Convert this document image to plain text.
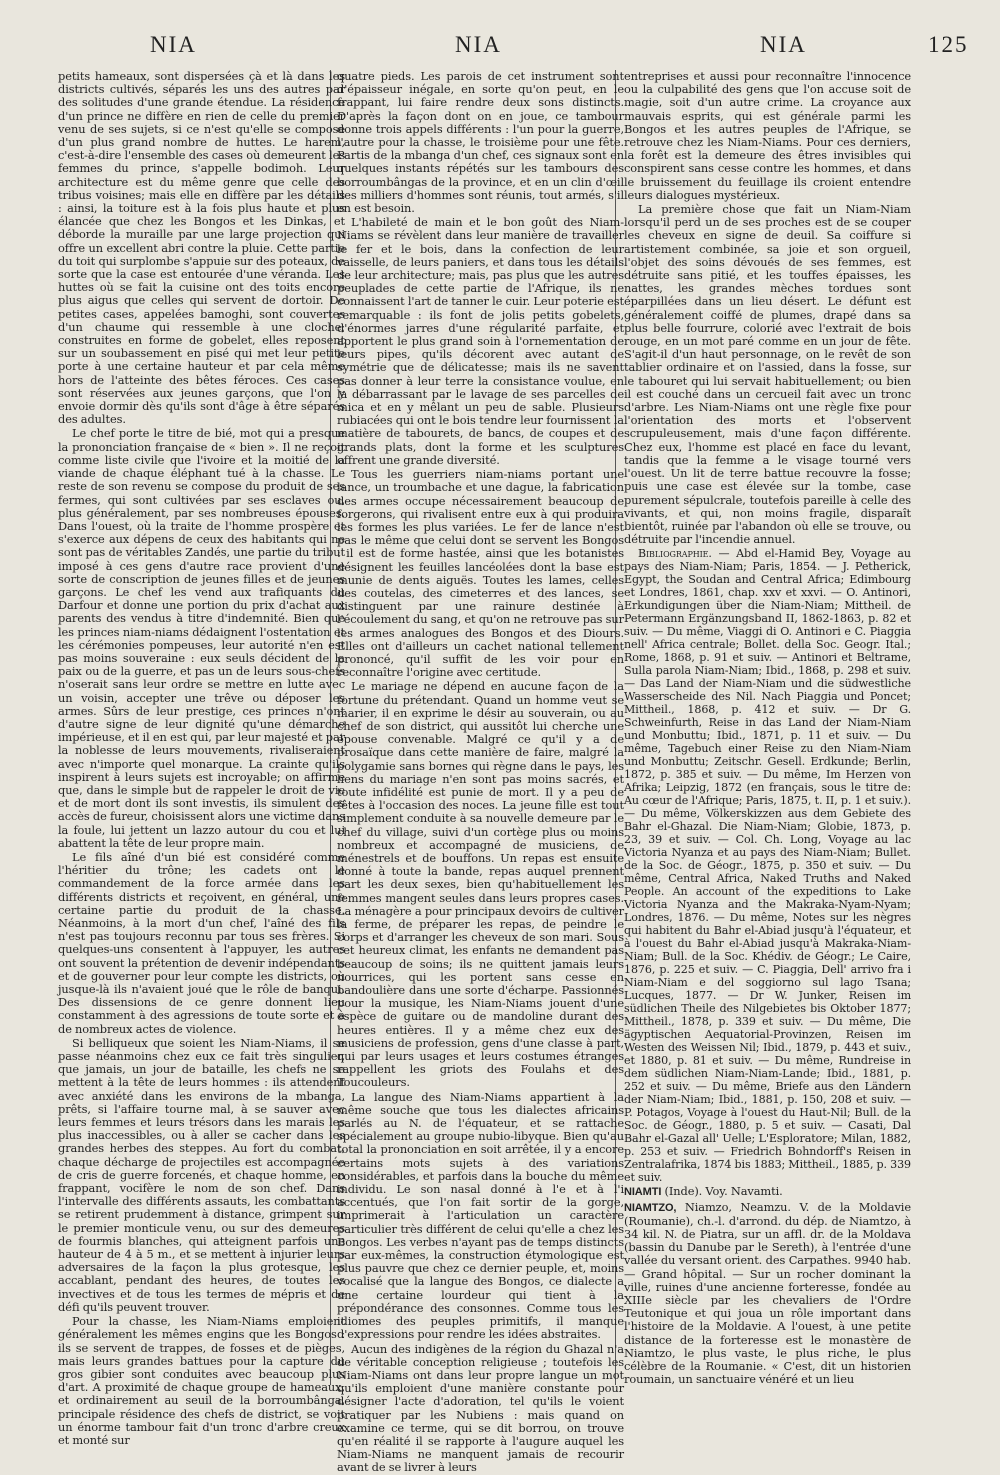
NIA	NIA	NIA	125

petits hameaux, sont dispersées çà et là dans les districts cultivés, séparés les uns des autres par des solitudes d'une grande étendue. La résidence d'un prince ne diffère en rien de celle du premier venu de ses sujets, si ce n'est qu'elle se compose d'un plus grand nombre de huttes. Le harem, c'est-à-dire l'ensemble des cases où demeurent les femmes du prince, s'appelle bodimoh. Leur architecture est du même genre que celle des tribus voisines; mais elle en diffère par les détails : ainsi, la toiture est à la fois plus haute et plus élancée que chez les Bongos et les Dinkas, et déborde la muraille par une large projection qui offre un excellent abri contre la pluie. Cette partie du toit qui surplombe s'appuie sur des poteaux, de sorte que la case est entourée d'une véranda. Les huttes où se fait la cuisine ont des toits encore plus aigus que celles qui servent de dortoir. De petites cases, appelées bamoghi, sont couvertes d'un chaume qui ressemble à une cloche; construites en forme de gobelet, elles reposent sur un soubassement en pisé qui met leur petite porte à une certaine hauteur et par cela même hors de l'atteinte des bêtes féroces. Ces cases sont réservées aux jeunes garçons, que l'on y envoie dormir dès qu'ils sont d'âge à être séparés des adultes.

Le chef porte le titre de bié, mot qui a presque la prononciation française de « bien ». Il ne reçoit comme liste civile que l'ivoire et la moitié de la viande de chaque éléphant tué à la chasse. Le reste de son revenu se compose du produit de ses fermes, qui sont cultivées par ses esclaves ou, plus généralement, par ses nombreuses épouses. Dans l'ouest, où la traite de l'homme prospère et s'exerce aux dépens de ceux des habitants qui ne sont pas de véritables Zandés, une partie du tribut imposé à ces gens d'autre race provient d'une sorte de conscription de jeunes filles et de jeunes garçons. Le chef les vend aux trafiquants du Darfour et donne une portion du prix d'achat aux parents des vendus à titre d'indemnité. Bien que les princes niam-niams dédaignent l'ostentation et les cérémonies pompeuses, leur autorité n'en est pas moins souveraine : eux seuls décident de la paix ou de la guerre, et pas un de leurs sous-chefs n'oserait sans leur ordre se mettre en lutte avec un voisin, accepter une trêve ou déposer les armes. Sûrs de leur prestige, ces princes n'ont d'autre signe de leur dignité qu'une démarche impérieuse, et il en est qui, par leur majesté et par la noblesse de leurs mouvements, rivaliseraient avec n'importe quel monarque. La crainte qu'ils inspirent à leurs sujets est incroyable; on affirme que, dans le simple but de rappeler le droit de vie et de mort dont ils sont investis, ils simulent des accès de fureur, choisissent alors une victime dans la foule, lui jettent un lazzo autour du cou et lui abattent la tête de leur propre main.

Le fils aîné d'un bié est considéré comme l'héritier du trône; les cadets ont le commandement de la force armée dans les différents districts et reçoivent, en général, une certaine partie du produit de la chasse. Néanmoins, à la mort d'un chef, l'aîné des fils n'est pas toujours reconnu par tous ses frères. Si quelques-uns consentent à l'appuyer, les autres ont souvent la prétention de devenir indépendants et de gouverner pour leur compte les districts, où jusque-là ils n'avaient joué que le rôle de banqui. Des dissensions de ce genre donnent lieu constamment à des agressions de toute sorte et à de nombreux actes de violence.

Si belliqueux que soient les Niam-Niams, il se passe néanmoins chez eux ce fait très singulier, que jamais, un jour de bataille, les chefs ne se mettent à la tête de leurs hommes : ils attendent avec anxiété dans les environs de la mbanga, prêts, si l'affaire tourne mal, à se sauver avec leurs femmes et leurs trésors dans les marais les plus inaccessibles, ou à aller se cacher dans les grandes herbes des steppes. Au fort du combat, chaque décharge de projectiles est accompagnée de cris de guerre forcenés, et chaque homme, en frappant, vocifère le nom de son chef. Dans l'intervalle des différents assauts, les combattants se retirent prudemment à distance, grimpent sur le premier monticule venu, ou sur des demeures de fourmis blanches, qui atteignent parfois une hauteur de 4 à 5 m., et se mettent à injurier leurs adversaires de la façon la plus grotesque, les accablant, pendant des heures, de toutes les invectives et de tous les termes de mépris et de défi qu'ils peuvent trouver.

Pour la chasse, les Niam-Niams emploient généralement les mêmes engins que les Bongos : ils se servent de trappes, de fosses et de pièges, mais leurs grandes battues pour la capture du gros gibier sont conduites avec beaucoup plus d'art. A proximité de chaque groupe de hameaux, et ordinairement au seuil de la borroumbânga, principale résidence des chefs de district, se voit un énorme tambour fait d'un tronc d'arbre creux et monté sur

quatre pieds. Les parois de cet instrument sont d'épaisseur inégale, en sorte qu'on peut, en le frappant, lui faire rendre deux sons distincts. D'après la façon dont on en joue, ce tambour donne trois appels différents : l'un pour la guerre, l'autre pour la chasse, le troisième pour une fête. Partis de la mbanga d'un chef, ces signaux sont en quelques instants répétés sur les tambours des borroumbângas de la province, et en un clin d'œil des milliers d'hommes sont réunis, tout armés, s'il en est besoin.

L'habileté de main et le bon goût des Niam-Niams se révèlent dans leur manière de travailler le fer et le bois, dans la confection de leur vaisselle, de leurs paniers, et dans tous les détails de leur architecture; mais, pas plus que les autres peuplades de cette partie de l'Afrique, ils ne connaissent l'art de tanner le cuir. Leur poterie est remarquable : ils font de jolis petits gobelets, d'énormes jarres d'une régularité parfaite, et apportent le plus grand soin à l'ornementation de leurs pipes, qu'ils décorent avec autant de symétrie que de délicatesse; mais ils ne savent pas donner à leur terre la consistance voulue, en la débarrassant par le lavage de ses parcelles de mica et en y mêlant un peu de sable. Plusieurs rubiacées qui ont le bois tendre leur fournissent la matière de tabourets, de bancs, de coupes et de grands plats, dont la forme et les sculptures offrent une grande diversité.

Tous les guerriers niam-niams portant une lance, un troumbache et une dague, la fabrication des armes occupe nécessairement beaucoup de forgerons, qui rivalisent entre eux à qui produira les formes les plus variées. Le fer de lance n'est pas le même que celui dont se servent les Bongos : il est de forme hastée, ainsi que les botanistes désignent les feuilles lancéolées dont la base est munie de dents aiguës. Toutes les lames, celles des coutelas, des cimeterres et des lances, se distinguent par une rainure destinée à l'écoulement du sang, et qu'on ne retrouve pas sur les armes analogues des Bongos et des Diours. Elles ont d'ailleurs un cachet national tellement prononcé, qu'il suffit de les voir pour en reconnaître l'origine avec certitude.

Le mariage ne dépend en aucune façon de la fortune du prétendant. Quand un homme veut se marier, il en exprime le désir au souverain, ou au chef de son district, qui aussitôt lui cherche une épouse convenable. Malgré ce qu'il y a de prosaïque dans cette manière de faire, malgré la polygamie sans bornes qui règne dans le pays, les liens du mariage n'en sont pas moins sacrés, et toute infidélité est punie de mort. Il y a peu de fêtes à l'occasion des noces. La jeune fille est tout simplement conduite à sa nouvelle demeure par le chef du village, suivi d'un cortège plus ou moins nombreux et accompagné de musiciens, de ménestrels et de bouffons. Un repas est ensuite donné à toute la bande, repas auquel prennent part les deux sexes, bien qu'habituellement les femmes mangent seules dans leurs propres cases. La ménagère a pour principaux devoirs de cultiver la ferme, de préparer les repas, de peindre le corps et d'arranger les cheveux de son mari. Sous cet heureux climat, les enfants ne demandent pas beaucoup de soins; ils ne quittent jamais leurs nourrices, qui les portent sans cesse en bandoulière dans une sorte d'écharpe. Passionnés pour la musique, les Niam-Niams jouent d'une espèce de guitare ou de mandoline durant des heures entières. Il y a même chez eux des musiciens de profession, gens d'une classe à part, qui par leurs usages et leurs costumes étranges rappellent les griots des Foulahs et des Toucouleurs.

La langue des Niam-Niams appartient à la même souche que tous les dialectes africains parlés au N. de l'équateur, et se rattache spécialement au groupe nubio-libyque. Bien qu'au total la prononciation en soit arrêtée, il y a encore certains mots sujets à des variations considérables, et parfois dans la bouche du même individu. Le son nasal donné à l'e et à l'i accentués, que l'on fait sortir de la gorge, imprimerait à l'articulation un caractère particulier très différent de celui qu'elle a chez les Bongos. Les verbes n'ayant pas de temps distincts par eux-mêmes, la construction étymologique est plus pauvre que chez ce dernier peuple, et, moins vocalisé que la langue des Bongos, ce dialecte a une certaine lourdeur qui tient à la prépondérance des consonnes. Comme tous les idiomes des peuples primitifs, il manque d'expressions pour rendre les idées abstraites.

Aucun des indigènes de la région du Ghazal n'a de véritable conception religieuse ; toutefois les Niam-Niams ont dans leur propre langue un mot qu'ils emploient d'une manière constante pour désigner l'acte d'adoration, tel qu'ils le voient pratiquer par les Nubiens : mais quand on examine ce terme, qui se dit borrou, on trouve qu'en réalité il se rapporte à l'augure auquel les Niam-Niams ne manquent jamais de recourir avant de se livrer à leurs

entreprises et aussi pour reconnaître l'innocence ou la culpabilité des gens que l'on accuse soit de magie, soit d'un autre crime. La croyance aux mauvais esprits, qui est générale parmi les Bongos et les autres peuples de l'Afrique, se retrouve chez les Niam-Niams. Pour ces derniers, la forêt est la demeure des êtres invisibles qui conspirent sans cesse contre les hommes, et dans le bruissement du feuillage ils croient entendre leurs dialogues mystérieux.

La première chose que fait un Niam-Niam lorsqu'il perd un de ses proches est de se couper les cheveux en signe de deuil. Sa coiffure si artistement combinée, sa joie et son orgueil, l'objet des soins dévoués de ses femmes, est détruite sans pitié, et les touffes épaisses, les nattes, les grandes mèches tordues sont éparpillées dans un lieu désert. Le défunt est généralement coiffé de plumes, drapé dans sa plus belle fourrure, colorié avec l'extrait de bois rouge, en un mot paré comme en un jour de fête. S'agit-il d'un haut personnage, on le revêt de son tablier ordinaire et on l'assied, dans la fosse, sur le tabouret qui lui servait habituellement; ou bien il est couché dans un cercueil fait avec un tronc d'arbre. Les Niam-Niams ont une règle fixe pour l'orientation des morts et l'observent scrupuleusement, mais d'une façon différente. Chez eux, l'homme est placé en face du levant, tandis que la femme a le visage tourné vers l'ouest. Un lit de terre battue recouvre la fosse; puis une case est élevée sur la tombe, case purement sépulcrale, toutefois pareille à celle des vivants, et qui, non moins fragile, disparaît bientôt, ruinée par l'abandon où elle se trouve, ou détruite par l'incendie annuel.

Bibliographie. — Abd el-Hamid Bey, Voyage au pays des Niam-Niam; Paris, 1854. — J. Petherick, Egypt, the Soudan and Central Africa; Edimbourg et Londres, 1861, chap. xxv et xxvi. — O. Antinori, Erkundigungen über die Niam-Niam; Mittheil. de Petermann Ergänzungsband II, 1862-1863, p. 82 et suiv. — Du même, Viaggi di O. Antinori e C. Piaggia nell' Africa centrale; Bollet. della Soc. Geogr. Ital.; Rome, 1868, p. 91 et suiv. — Antinori et Beltrame, Sulla parola Niam-Niam; Ibid., 1868, p. 298 et suiv. — Das Land der Niam-Niam und die südwestliche Wasserscheide des Nil. Nach Piaggia und Poncet; Mittheil., 1868, p. 412 et suiv. — Dr G. Schweinfurth, Reise in das Land der Niam-Niam und Monbuttu; Ibid., 1871, p. 11 et suiv. — Du même, Tagebuch einer Reise zu den Niam-Niam und Monbuttu; Zeitschr. Gesell. Erdkunde; Berlin, 1872, p. 385 et suiv. — Du même, Im Herzen von Afrika; Leipzig, 1872 (en français, sous le titre de: Au cœur de l'Afrique; Paris, 1875, t. II, p. 1 et suiv.). — Du même, Völkerskizzen aus dem Gebiete des Bahr el-Ghazal. Die Niam-Niam; Globie, 1873, p. 23, 39 et suiv. — Col. Ch. Long, Voyage au lac Victoria Nyanza et au pays des Niam-Niam; Bullet. de la Soc. de Géogr., 1875, p. 350 et suiv. — Du même, Central Africa, Naked Truths and Naked People. An account of the expeditions to Lake Victoria Nyanza and the Makraka-Nyam-Nyam; Londres, 1876. — Du même, Notes sur les nègres qui habitent du Bahr el-Abiad jusqu'à l'équateur, et à l'ouest du Bahr el-Abiad jusqu'à Makraka-Niam-Niam; Bull. de la Soc. Khédiv. de Géogr.; Le Caire, 1876, p. 225 et suiv. — C. Piaggia, Dell' arrivo fra i Niam-Niam e del soggiorno sul lago Tsana; Lucques, 1877. — Dr W. Junker, Reisen im südlichen Theile des Nilgebietes bis Oktober 1877; Mittheil., 1878, p. 339 et suiv. — Du même, Die ägyptischen Aequatorial-Provinzen, Reisen im Westen des Weissen Nil; Ibid., 1879, p. 443 et suiv., et 1880, p. 81 et suiv. — Du même, Rundreise in dem südlichen Niam-Niam-Lande; Ibid., 1881, p. 252 et suiv. — Du même, Briefe aus den Ländern der Niam-Niam; Ibid., 1881, p. 150, 208 et suiv. — P. Potagos, Voyage à l'ouest du Haut-Nil; Bull. de la Soc. de Géogr., 1880, p. 5 et suiv. — Casati, Dal Bahr el-Gazal all' Uelle; L'Esploratore; Milan, 1882, p. 253 et suiv. — Friedrich Bohndorff's Reisen in Zentralafrika, 1874 bis 1883; Mittheil., 1885, p. 339 et suiv.

NIAMTI (Inde). Voy. Navamti.

NIAMTZO, Niamzo, Neamzu. V. de la Moldavie (Roumanie), ch.-l. d'arrond. du dép. de Niamtzo, à 34 kil. N. de Piatra, sur un affl. dr. de la Moldava (bassin du Danube par le Sereth), à l'entrée d'une vallée du versant orient. des Carpathes. 9940 hab. — Grand hôpital. — Sur un rocher dominant la ville, ruines d'une ancienne forteresse, fondée au XIIIe siècle par les chevaliers de l'Ordre Teutonique et qui joua un rôle important dans l'histoire de la Moldavie. A l'ouest, à une petite distance de la forteresse est le monastère de Niamtzo, le plus vaste, le plus riche, le plus célèbre de la Roumanie. « C'est, dit un historien roumain, un sanctuaire vénéré et un lieu
